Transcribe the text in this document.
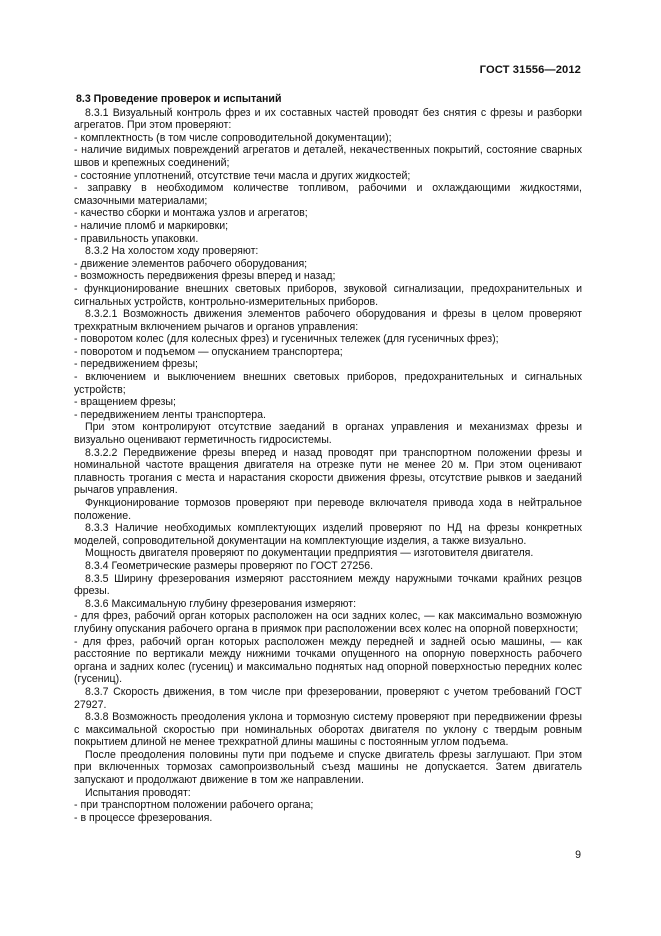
ГОСТ 31556—2012
8.3 Проведение проверок и испытаний

8.3.1 Визуальный контроль фрез и их составных частей проводят без снятия с фрезы и разборки агрегатов. При этом проверяют:

- комплектность (в том числе сопроводительной документации);

- наличие видимых повреждений агрегатов и деталей, некачественных покрытий, состояние сварных швов и крепежных соединений;

- состояние уплотнений, отсутствие течи масла и других жидкостей;

- заправку в необходимом количестве топливом, рабочими и охлаждающими жидкостями, смазочными материалами;

- качество сборки и монтажа узлов и агрегатов;

- наличие пломб и маркировки;

- правильность упаковки.

8.3.2 На холостом ходу проверяют:

- движение элементов рабочего оборудования;

- возможность передвижения фрезы вперед и назад;

- функционирование внешних световых приборов, звуковой сигнализации, предохранительных и сигнальных устройств, контрольно-измерительных приборов.

8.3.2.1 Возможность движения элементов рабочего оборудования и фрезы в целом проверяют трехкратным включением рычагов и органов управления:

- поворотом колес (для колесных фрез) и гусеничных тележек (для гусеничных фрез);

- поворотом и подъемом — опусканием транспортера;

- передвижением фрезы;

- включением и выключением внешних световых приборов, предохранительных и сигнальных устройств;

- вращением фрезы;

- передвижением ленты транспортера.

При этом контролируют отсутствие заеданий в органах управления и механизмах фрезы и визуально оценивают герметичность гидросистемы.

8.3.2.2 Передвижение фрезы вперед и назад проводят при транспортном положении фрезы и номинальной частоте вращения двигателя на отрезке пути не менее 20 м. При этом оценивают плавность трогания с места и нарастания скорости движения фрезы, отсутствие рывков и заеданий рычагов управления.

Функционирование тормозов проверяют при переводе включателя привода хода в нейтральное положение.

8.3.3 Наличие необходимых комплектующих изделий проверяют по НД на фрезы конкретных моделей, сопроводительной документации на комплектующие изделия, а также визуально.

Мощность двигателя проверяют по документации предприятия — изготовителя двигателя.

8.3.4 Геометрические размеры проверяют по ГОСТ 27256.

8.3.5 Ширину фрезерования измеряют расстоянием между наружными точками крайних резцов фрезы.

8.3.6 Максимальную глубину фрезерования измеряют:

- для фрез, рабочий орган которых расположен на оси задних колес, — как максимально возможную глубину опускания рабочего органа в приямок при расположении всех колес на опорной поверхности;

- для фрез, рабочий орган которых расположен между передней и задней осью машины, — как расстояние по вертикали между нижними точками опущенного на опорную поверхность рабочего органа и задних колес (гусениц) и максимально поднятых над опорной поверхностью передних колес (гусениц).

8.3.7 Скорость движения, в том числе при фрезеровании, проверяют с учетом требований ГОСТ 27927.

8.3.8 Возможность преодоления уклона и тормозную систему проверяют при передвижении фрезы с максимальной скоростью при номинальных оборотах двигателя по уклону с твердым ровным покрытием длиной не менее трехкратной длины машины с постоянным углом подъема.

После преодоления половины пути при подъеме и спуске двигатель фрезы заглушают. При этом при включенных тормозах самопроизвольный съезд машины не допускается. Затем двигатель запускают и продолжают движение в том же направлении.

Испытания проводят:

- при транспортном положении рабочего органа;

- в процессе фрезерования.

9
